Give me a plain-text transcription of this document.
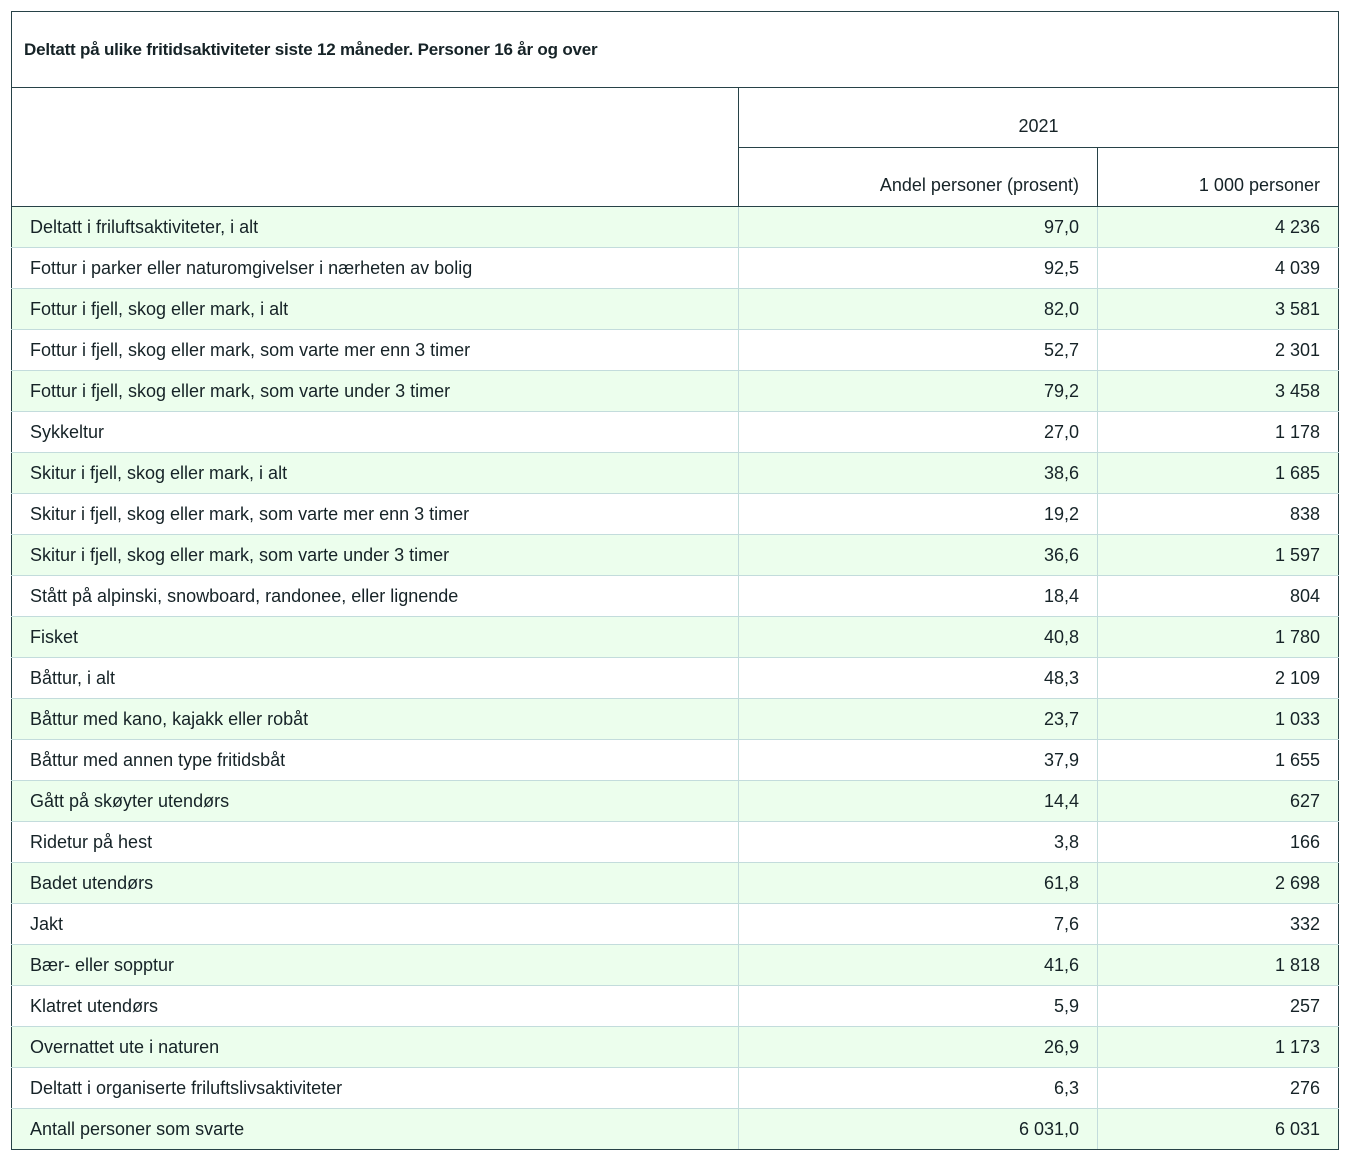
Deltatt på ulike fritidsaktiviteter siste 12 måneder. Personer 16 år og over
	2021	
	Andel personer (prosent)	1 000 personer
Deltatt i friluftsaktiviteter, i alt	97,0	4 236
Fottur i parker eller naturomgivelser i nærheten av bolig	92,5	4 039
Fottur i fjell, skog eller mark, i alt	82,0	3 581
Fottur i fjell, skog eller mark, som varte mer enn 3 timer	52,7	2 301
Fottur i fjell, skog eller mark, som varte under 3 timer	79,2	3 458
Sykkeltur	27,0	1 178
Skitur i fjell, skog eller mark, i alt	38,6	1 685
Skitur i fjell, skog eller mark, som varte mer enn 3 timer	19,2	838
Skitur i fjell, skog eller mark, som varte under 3 timer	36,6	1 597
Stått på alpinski, snowboard, randonee, eller lignende	18,4	804
Fisket	40,8	1 780
Båttur, i alt	48,3	2 109
Båttur med kano, kajakk eller robåt	23,7	1 033
Båttur med annen type fritidsbåt	37,9	1 655
Gått på skøyter utendørs	14,4	627
Ridetur på hest	3,8	166
Badet utendørs	61,8	2 698
Jakt	7,6	332
Bær- eller sopptur	41,6	1 818
Klatret utendørs	5,9	257
Overnattet ute i naturen	26,9	1 173
Deltatt i organiserte friluftslivsaktiviteter	6,3	276
Antall personer som svarte	6 031,0	6 031
